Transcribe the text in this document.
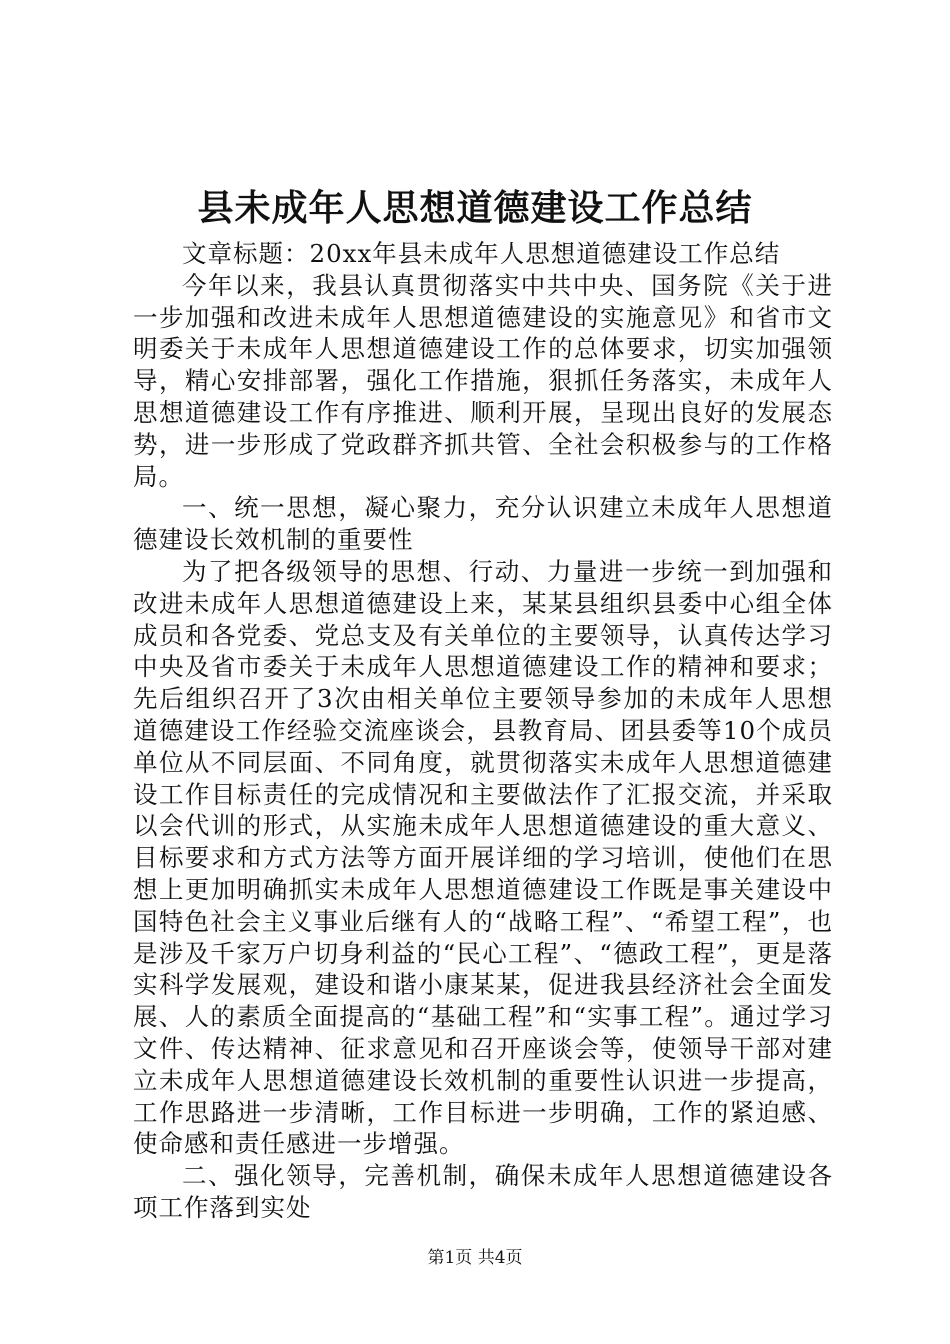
县未成年人思想道德建设工作总结

文章标题：20xx年县未成年人思想道德建设工作总结

今年以来，我县认真贯彻落实中共中央、国务院《关于进一步加强和改进未成年人思想道德建设的实施意见》和省市文明委关于未成年人思想道德建设工作的总体要求，切实加强领导，精心安排部署，强化工作措施，狠抓任务落实，未成年人思想道德建设工作有序推进、顺利开展，呈现出良好的发展态势，进一步形成了党政群齐抓共管、全社会积极参与的工作格局。

一、统一思想，凝心聚力，充分认识建立未成年人思想道德建设长效机制的重要性

为了把各级领导的思想、行动、力量进一步统一到加强和改进未成年人思想道德建设上来，某某县组织县委中心组全体成员和各党委、党总支及有关单位的主要领导，认真传达学习中央及省市委关于未成年人思想道德建设工作的精神和要求；先后组织召开了3次由相关单位主要领导参加的未成年人思想道德建设工作经验交流座谈会，县教育局、团县委等10个成员单位从不同层面、不同角度，就贯彻落实未成年人思想道德建设工作目标责任的完成情况和主要做法作了汇报交流，并采取以会代训的形式，从实施未成年人思想道德建设的重大意义、目标要求和方式方法等方面开展详细的学习培训，使他们在思想上更加明确抓实未成年人思想道德建设工作既是事关建设中国特色社会主义事业后继有人的“战略工程”、“希望工程”，也是涉及千家万户切身利益的“民心工程”、“德政工程”，更是落实科学发展观，建设和谐小康某某，促进我县经济社会全面发展、人的素质全面提高的“基础工程”和“实事工程”。通过学习文件、传达精神、征求意见和召开座谈会等，使领导干部对建立未成年人思想道德建设长效机制的重要性认识进一步提高，工作思路进一步清晰，工作目标进一步明确，工作的紧迫感、使命感和责任感进一步增强。

二、强化领导，完善机制，确保未成年人思想道德建设各项工作落到实处

第1页 共4页
